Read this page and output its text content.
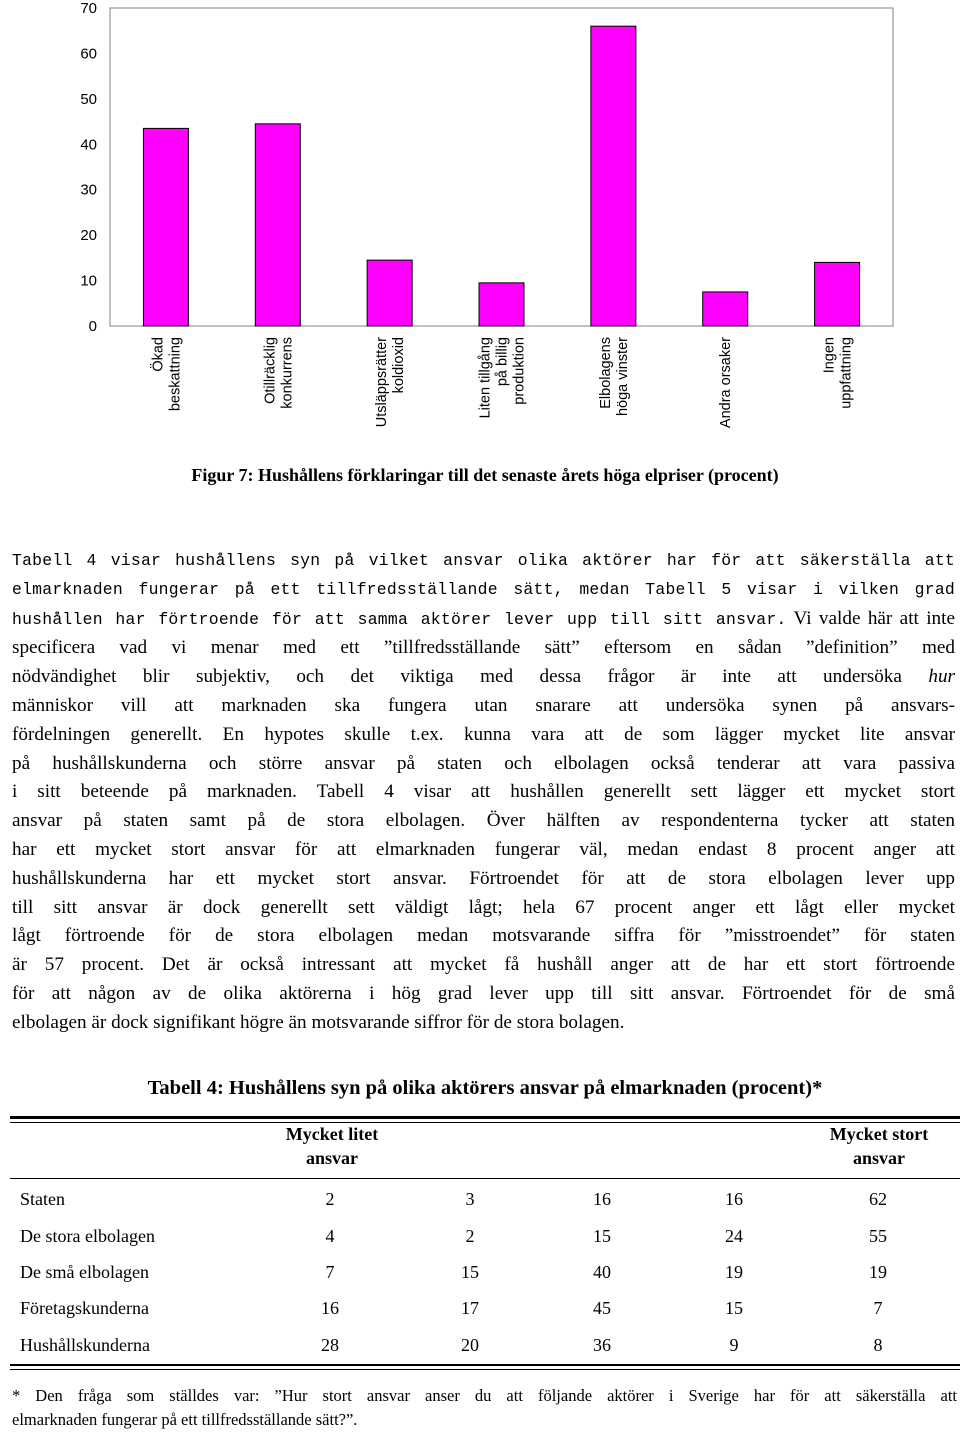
0
10
20
30
40
50
60
70
Ökad beskattning	Otillräcklig konkurrens	Utsläppsrätter koldioxid	Liten tillgång på billig produktion	Elbolagens höga vinster	Andra orsaker	Ingen uppfattning
Figur 7: Hushållens förklaringar till det senaste årets höga elpriser (procent)

Tabell 4 visar hushållens syn på vilket ansvar olika aktörer har för att säkerställa att
elmarknaden fungerar på ett tillfredsställande sätt, medan Tabell 5 visar i vilken grad
hushållen har förtroende för att samma aktörer lever upp till sitt ansvar. Vi valde här att inte
specificera vad vi menar med ett ”tillfredsställande sätt” eftersom en sådan ”definition” med
nödvändighet blir subjektiv, och det viktiga med dessa frågor är inte att undersöka hur
människor vill att marknaden ska fungera utan snarare att undersöka synen på ansvars-
fördelningen generellt. En hypotes skulle t.ex. kunna vara att de som lägger mycket lite ansvar
på hushållskunderna och större ansvar på staten och elbolagen också tenderar att vara passiva
i sitt beteende på marknaden. Tabell 4 visar att hushållen generellt sett lägger ett mycket stort
ansvar på staten samt på de stora elbolagen. Över hälften av respondenterna tycker att staten
har ett mycket stort ansvar för att elmarknaden fungerar väl, medan endast 8 procent anger att
hushållskunderna har ett mycket stort ansvar. Förtroendet för att de stora elbolagen lever upp
till sitt ansvar är dock generellt sett väldigt lågt; hela 67 procent anger ett lågt eller mycket
lågt förtroende för de stora elbolagen medan motsvarande siffra för ”misstroendet” för staten
är 57 procent. Det är också intressant att mycket få hushåll anger att de har ett stort förtroende
för att någon av de olika aktörerna i hög grad lever upp till sitt ansvar. Förtroendet för de små
elbolagen är dock signifikant högre än motsvarande siffror för de stora bolagen.

Tabell 4: Hushållens syn på olika aktörers ansvar på elmarknaden (procent)*
Mycket litet
ansvar
Mycket stort
ansvar
Staten	2	3	16	16	62
De stora elbolagen	4	2	15	24	55
De små elbolagen	7	15	40	19	19
Företagskunderna	16	17	45	15	7
Hushållskunderna	28	20	36	9	8

* Den fråga som ställdes var: ”Hur stort ansvar anser du att följande aktörer i Sverige har för att säkerställa att
elmarknaden fungerar på ett tillfredsställande sätt?”.
